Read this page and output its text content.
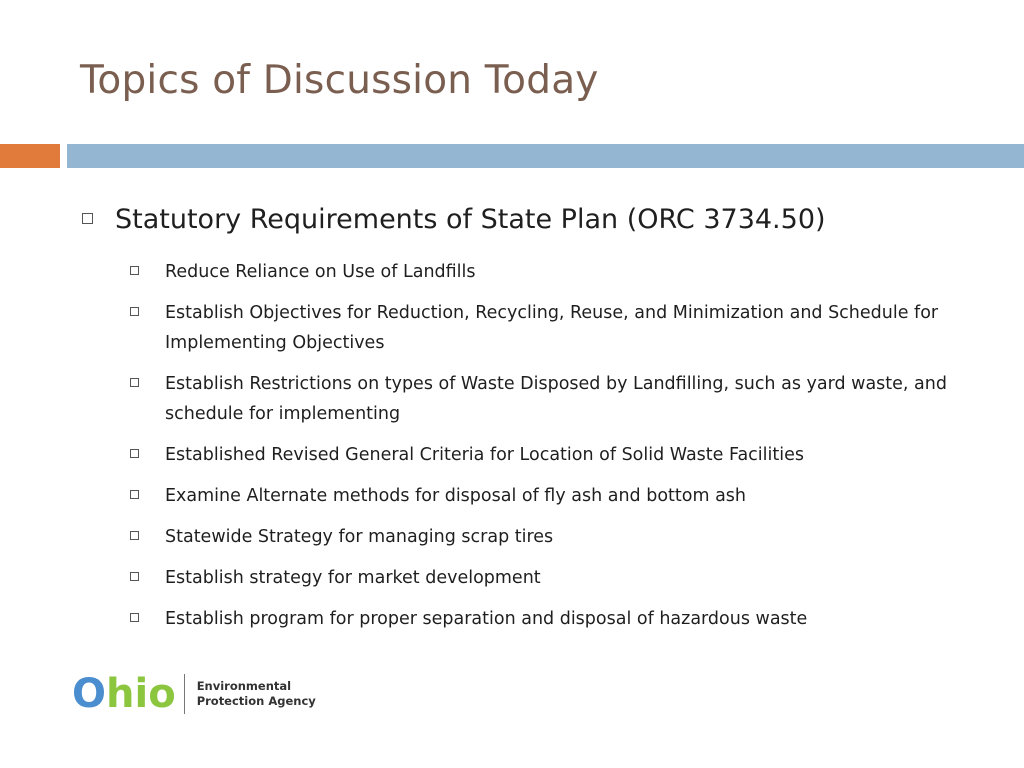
Topics of Discussion Today
Statutory Requirements of State Plan (ORC 3734.50)
Reduce Reliance on Use of Landfills
Establish Objectives for Reduction, Recycling, Reuse, and Minimization and Schedule for Implementing Objectives
Establish Restrictions on types of Waste Disposed by Landfilling, such as yard waste, and schedule for implementing
Established Revised General Criteria for Location of Solid Waste Facilities
Examine Alternate methods for disposal of fly ash and bottom ash
Statewide Strategy for managing scrap tires
Establish strategy for market development
Establish program for proper separation and disposal of hazardous waste
Ohio Environmental
Protection Agency
